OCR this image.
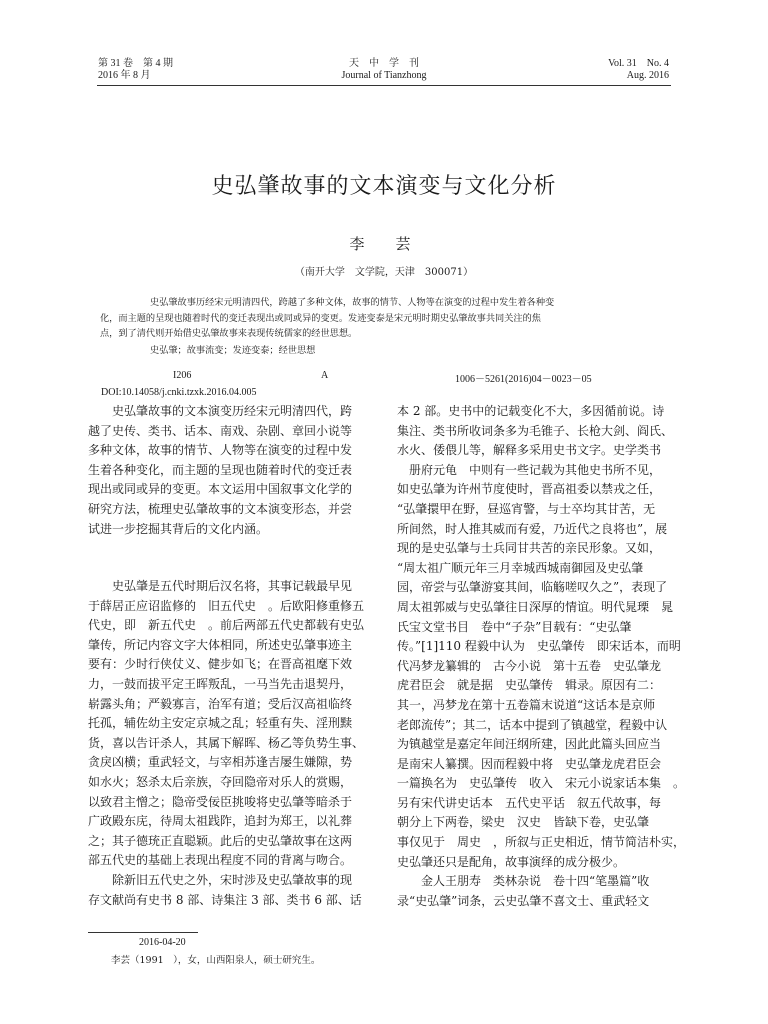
第 31 卷　第 4 期
2016 年 8 月
天　中　学　刊
Journal of Tianzhong
Vol. 31　No. 4
Aug. 2016
史弘肇故事的文本演变与文化分析
李　芸
（南开大学　文学院，天津　300071）

史弘肇故事历经宋元明清四代，跨越了多种文体，故事的情节、人物等在演变的过程中发生着各种变

化，而主题的呈现也随着时代的变迁表现出或同或异的变更。发迹变泰是宋元明时期史弘肇故事共同关注的焦

点，到了清代则开始借史弘肇故事来表现传统儒家的经世思想。

史弘肇；故事流变；发迹变泰；经世思想
I206	A	1006－5261(2016)04－0023－05
DOI:10.14058/j.cnki.tzxk.2016.04.005
　　史弘肇故事的文本演变历经宋元明清四代，跨
越了史传、类书、话本、南戏、杂剧、章回小说等
多种文体，故事的情节、人物等在演变的过程中发
生着各种变化，而主题的呈现也随着时代的变迁表
现出或同或异的变更。本文运用中国叙事文化学的
研究方法，梳理史弘肇故事的文本演变形态，并尝
试进一步挖掘其背后的文化内涵。
　　史弘肇是五代时期后汉名将，其事记载最早见
于薛居正应诏监修的　旧五代史　。后欧阳修重修五
代史，即　新五代史　。前后两部五代史都载有史弘
肇传，所记内容文字大体相同，所述史弘肇事迹主
要有：少时行侠仗义、健步如飞；在晋高祖麾下效
力，一鼓而拔平定王晖叛乱，一马当先击退契丹，
崭露头角；严毅寡言，治军有道；受后汉高祖临终
托孤，辅佐幼主安定京城之乱；轻重有失、淫刑黩
货，喜以告讦杀人，其属下解晖、杨乙等负势生事、
贪戾凶横；重武轻文，与宰相苏逢吉屡生嫌隙，势
如水火；怒杀太后亲族，夺回隐帝对乐人的赏赐，
以致君主憎之；隐帝受佞臣挑唆将史弘肇等暗杀于
广政殿东庑，待周太祖践阼，追封为郑王，以礼葬
之；其子德珫正直聪颖。此后的史弘肇故事在这两
部五代史的基础上表现出程度不同的背离与吻合。
　　除新旧五代史之外，宋时涉及史弘肇故事的现
存文献尚有史书 8 部、诗集注 3 部、类书 6 部、话
本 2 部。史书中的记载变化不大，多因循前说。诗
集注、类书所收词条多为毛锥子、长枪大剑、阎氏、
水火、倭偎儿等，解释多采用史书文字。史学类书
　册府元龟　中则有一些记载为其他史书所不见，
如史弘肇为许州节度使时，晋高祖委以禁戎之任，
“弘肇擐甲在野，昼巡宵警，与士卒均其甘苦，无
所间然，时人推其威而有爱，乃近代之良将也”，展
现的是史弘肇与士兵同甘共苦的亲民形象。又如，
“周太祖广顺元年三月幸城西城南御园及史弘肇
园，帝尝与弘肇游宴其间，临觞嗟叹久之”，表现了
周太祖郭威与史弘肇往日深厚的情谊。明代晁瑮　晁
氏宝文堂书目　卷中“子杂”目载有：“史弘肇
传。”[1]110 程毅中认为　史弘肇传　即宋话本，而明
代冯梦龙纂辑的　古今小说　第十五卷　史弘肇龙
虎君臣会　就是据　史弘肇传　辑录。原因有二：
其一，冯梦龙在第十五卷篇末说道“这话本是京师
老郎流传”；其二，话本中提到了镇越堂，程毅中认
为镇越堂是嘉定年间汪纲所建，因此此篇头回应当
是南宋人纂撰。因而程毅中将　史弘肇龙虎君臣会
一篇换名为　史弘肇传　收入　宋元小说家话本集　。
另有宋代讲史话本　五代史平话　叙五代故事，每
朝分上下两卷，梁史　汉史　皆缺下卷，史弘肇
事仅见于　周史　，所叙与正史相近，情节简洁朴实，
史弘肇还只是配角，故事演绎的成分极少。
　　金人王朋寿　类林杂说　卷十四“笔墨篇”收
录“史弘肇”词条，云史弘肇不喜文士、重武轻文
2016-04-20
李芸（1991　），女，山西阳泉人，硕士研究生。
